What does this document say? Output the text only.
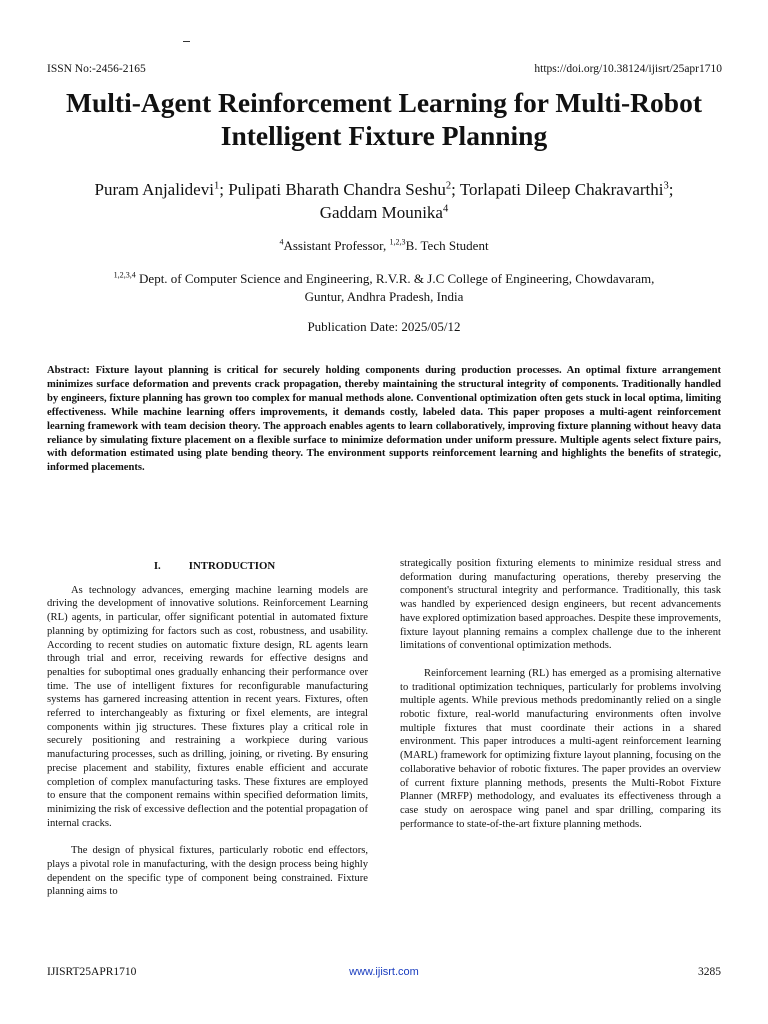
ISSN No:-2456-2165	https://doi.org/10.38124/ijisrt/25apr1710
Multi-Agent Reinforcement Learning for Multi-Robot Intelligent Fixture Planning
Puram Anjalidevi$^1$; Pulipati Bharath Chandra Seshu$^2$; Torlapati Dileep Chakravarthi$^3$;
Gaddam Mounika$^4$
$^4$Assistant Professor, $^{1,2,3}$B. Tech Student
$^{1,2,3,4}$ Dept. of Computer Science and Engineering, R.V.R. & J.C College of Engineering, Chowdavaram,
Guntur, Andhra Pradesh, India
Publication Date: 2025/05/12
Abstract: Fixture layout planning is critical for securely holding components during production processes. An optimal fixture arrangement minimizes surface deformation and prevents crack propagation, thereby maintaining the structural integrity of components. Traditionally handled by engineers, fixture planning has grown too complex for manual methods alone. Conventional optimization often gets stuck in local optima, limiting effectiveness. While machine learning offers improvements, it demands costly, labeled data. This paper proposes a multi-agent reinforcement learning framework with team decision theory. The approach enables agents to learn collaboratively, improving fixture planning without heavy data reliance by simulating fixture placement on a flexible surface to minimize deformation under uniform pressure. Multiple agents select fixture pairs, with deformation estimated using plate bending theory. The environment supports reinforcement learning and highlights the benefits of strategic, informed placements.
I.	INTRODUCTION

As technology advances, emerging machine learning models are driving the development of innovative solutions. Reinforcement Learning (RL) agents, in particular, offer significant potential in automated fixture planning by optimizing for factors such as cost, robustness, and usability. According to recent studies on automatic fixture design, RL agents learn through trial and error, receiving rewards for effective designs and penalties for suboptimal ones gradually enhancing their performance over time. The use of intelligent fixtures for reconfigurable manufacturing systems has garnered increasing attention in recent years. Fixtures, often referred to interchangeably as fixturing or fixel elements, are integral components within jig structures. These fixtures play a critical role in securely positioning and restraining a workpiece during various manufacturing processes, such as drilling, joining, or riveting. By ensuring precise placement and stability, fixtures enable efficient and accurate completion of complex manufacturing tasks. These fixtures are employed to ensure that the component remains within specified deformation limits, minimizing the risk of excessive deflection and the potential propagation of internal cracks.

The design of physical fixtures, particularly robotic end effectors, plays a pivotal role in manufacturing, with the design process being highly dependent on the specific type of component being constrained. Fixture planning aims to

strategically position fixturing elements to minimize residual stress and deformation during manufacturing operations, thereby preserving the component's structural integrity and performance. Traditionally, this task was handled by experienced design engineers, but recent advancements have explored optimization based approaches. Despite these improvements, fixture layout planning remains a complex challenge due to the inherent limitations of conventional optimization methods.

Reinforcement learning (RL) has emerged as a promising alternative to traditional optimization techniques, particularly for problems involving multiple agents. While previous methods predominantly relied on a single robotic fixture, real-world manufacturing environments often involve multiple fixtures that must coordinate their actions in a shared environment. This paper introduces a multi-agent reinforcement learning (MARL) framework for optimizing fixture layout planning, focusing on the collaborative behavior of robotic fixtures. The paper provides an overview of current fixture planning methods, presents the Multi-Robot Fixture Planner (MRFP) methodology, and evaluates its effectiveness through a case study on aerospace wing panel and spar drilling, comparing its performance to state-of-the-art fixture planning methods.

IJISRT25APR1710	www.ijisrt.com	3285
